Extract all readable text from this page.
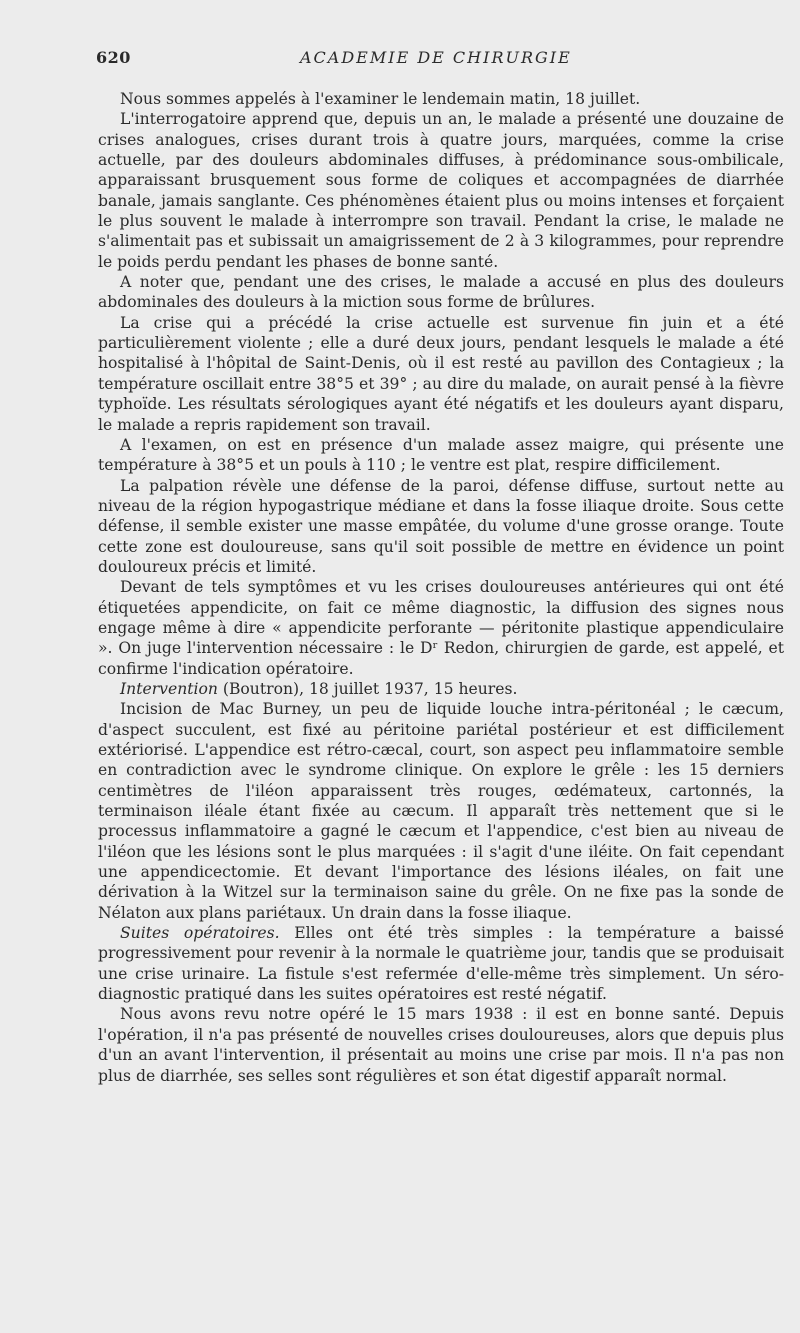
620	ACADEMIE DE CHIRURGIE

Nous sommes appelés à l'examiner le lendemain matin, 18 juillet.

L'interrogatoire apprend que, depuis un an, le malade a présenté une douzaine de crises analogues, crises durant trois à quatre jours, marquées, comme la crise actuelle, par des douleurs abdominales diffuses, à prédominance sous-ombilicale, apparaissant brusquement sous forme de coliques et accompagnées de diarrhée banale, jamais sanglante. Ces phénomènes étaient plus ou moins intenses et forçaient le plus souvent le malade à interrompre son travail. Pendant la crise, le malade ne s'alimentait pas et subissait un amaigrissement de 2 à 3 kilogrammes, pour reprendre le poids perdu pendant les phases de bonne santé.

A noter que, pendant une des crises, le malade a accusé en plus des douleurs abdominales des douleurs à la miction sous forme de brûlures.

La crise qui a précédé la crise actuelle est survenue fin juin et a été particulièrement violente ; elle a duré deux jours, pendant lesquels le malade a été hospitalisé à l'hôpital de Saint-Denis, où il est resté au pavillon des Contagieux ; la température oscillait entre 38°5 et 39° ; au dire du malade, on aurait pensé à la fièvre typhoïde. Les résultats sérologiques ayant été négatifs et les douleurs ayant disparu, le malade a repris rapidement son travail.

A l'examen, on est en présence d'un malade assez maigre, qui présente une température à 38°5 et un pouls à 110 ; le ventre est plat, respire difficilement.

La palpation révèle une défense de la paroi, défense diffuse, surtout nette au niveau de la région hypogastrique médiane et dans la fosse iliaque droite. Sous cette défense, il semble exister une masse empâtée, du volume d'une grosse orange. Toute cette zone est douloureuse, sans qu'il soit possible de mettre en évidence un point douloureux précis et limité.

Devant de tels symptômes et vu les crises douloureuses antérieures qui ont été étiquetées appendicite, on fait ce même diagnostic, la diffusion des signes nous engage même à dire « appendicite perforante — péritonite plastique appendiculaire ». On juge l'intervention nécessaire : le Dʳ Redon, chirurgien de garde, est appelé, et confirme l'indication opératoire.

Intervention (Boutron), 18 juillet 1937, 15 heures.

Incision de Mac Burney, un peu de liquide louche intra-péritonéal ; le cæcum, d'aspect succulent, est fixé au péritoine pariétal postérieur et est difficilement extériorisé. L'appendice est rétro-cæcal, court, son aspect peu inflammatoire semble en contradiction avec le syndrome clinique. On explore le grêle : les 15 derniers centimètres de l'iléon apparaissent très rouges, œdémateux, cartonnés, la terminaison iléale étant fixée au cæcum. Il apparaît très nettement que si le processus inflammatoire a gagné le cæcum et l'appendice, c'est bien au niveau de l'iléon que les lésions sont le plus marquées : il s'agit d'une iléite. On fait cependant une appendicectomie. Et devant l'importance des lésions iléales, on fait une dérivation à la Witzel sur la terminaison saine du grêle. On ne fixe pas la sonde de Nélaton aux plans pariétaux. Un drain dans la fosse iliaque.

Suites opératoires. Elles ont été très simples : la température a baissé progressivement pour revenir à la normale le quatrième jour, tandis que se produisait une crise urinaire. La fistule s'est refermée d'elle-même très simplement. Un séro-diagnostic pratiqué dans les suites opératoires est resté négatif.

Nous avons revu notre opéré le 15 mars 1938 : il est en bonne santé. Depuis l'opération, il n'a pas présenté de nouvelles crises douloureuses, alors que depuis plus d'un an avant l'intervention, il présentait au moins une crise par mois. Il n'a pas non plus de diarrhée, ses selles sont régulières et son état digestif apparaît normal.
